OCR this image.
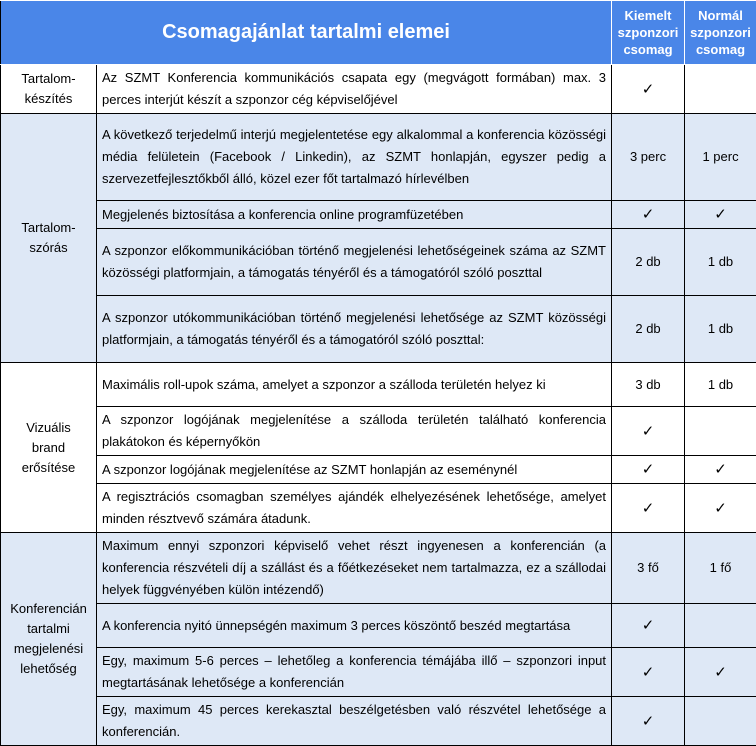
Csomagajánlat tartalmi elemei		Kiemelt
szponzori
csomag	Normál
szponzori
csomag
Tartalom-
készítés	Az SZMT Konferencia kommunikációs csapata egy (megvágott formában) max. 3 perces interjút készít a szponzor cég képviselőjével	✓	
Tartalom-
szórás	A következő terjedelmű interjú megjelentetése egy alkalommal a konferencia közösségi média felületein (Facebook / Linkedin), az SZMT honlapján, egyszer pedig a szervezetfejlesztőkből álló, közel ezer főt tartalmazó hírlevélben	3 perc	1 perc
	Megjelenés biztosítása a konferencia online programfüzetében	✓	✓
	A szponzor előkommunikációban történő megjelenési lehetőségeinek száma az SZMT közösségi platformjain, a támogatás tényéről és a támogatóról szóló poszttal	2 db	1 db
	A szponzor utókommunikációban történő megjelenési lehetősége az SZMT közösségi platformjain, a támogatás tényéről és a támogatóról szóló poszttal:	2 db	1 db
Vizuális
brand
erősítése	Maximális roll-upok száma, amelyet a szponzor a szálloda területén helyez ki	3 db	1 db
	A szponzor logójának megjelenítése a szálloda területén található konferencia plakátokon és képernyőkön	✓	
	A szponzor logójának megjelenítése az SZMT honlapján az eseménynél	✓	✓
	A regisztrációs csomagban személyes ajándék elhelyezésének lehetősége, amelyet minden résztvevő számára átadunk.	✓	✓
Konferencián
tartalmi
megjelenési
lehetőség	Maximum ennyi szponzori képviselő vehet részt ingyenesen a konferencián (a konferencia részvételi díj a szállást és a főétkezéseket nem tartalmazza, ez a szállodai helyek függvényében külön intézendő)	3 fő	1 fő
	A konferencia nyitó ünnepségén maximum 3 perces köszöntő beszéd megtartása	✓	
	Egy, maximum 5-6 perces – lehetőleg a konferencia témájába illő – szponzori input megtartásának lehetősége a konferencián	✓	✓
	Egy, maximum 45 perces kerekasztal beszélgetésben való részvétel lehetősége a konferencián.	✓	
